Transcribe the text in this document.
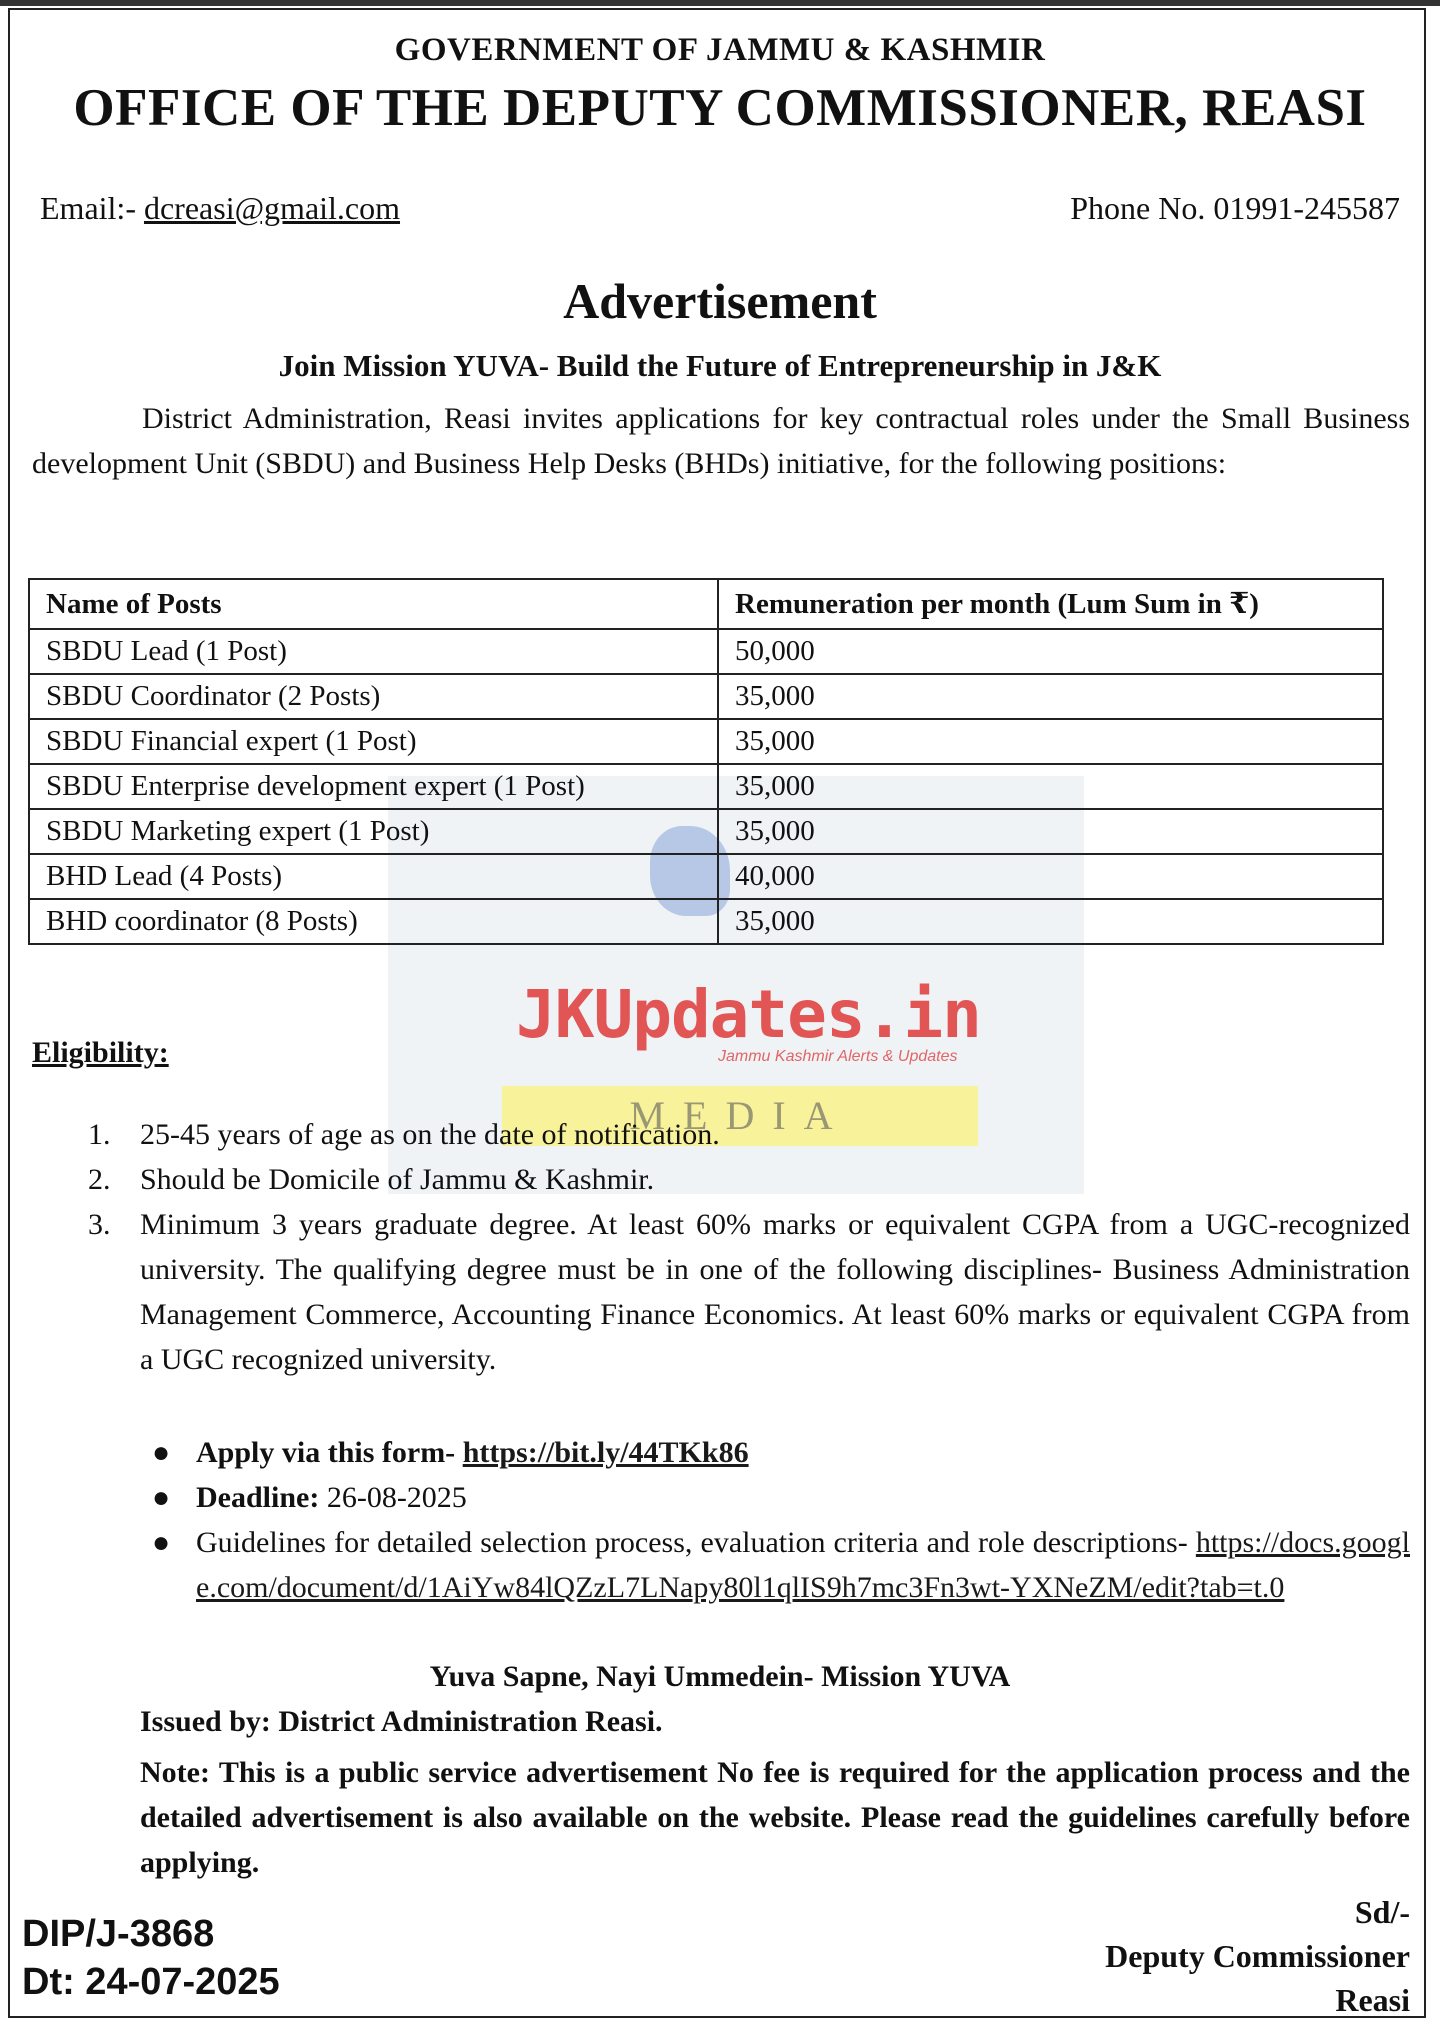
GOVERNMENT OF JAMMU & KASHMIR
OFFICE OF THE DEPUTY COMMISSIONER, REASI
Email:- dcreasi@gmail.com	Phone No. 01991-245587
Advertisement
Join Mission YUVA- Build the Future of Entrepreneurship in J&K
District Administration, Reasi invites applications for key contractual roles under the Small Business development Unit (SBDU) and Business Help Desks (BHDs) initiative, for the following positions:
JKUpdates.in
Jammu Kashmir Alerts & Updates
MEDIA
Name of Posts	Remuneration per month (Lum Sum in ₹)
SBDU Lead (1 Post)	50,000
SBDU Coordinator (2 Posts)	35,000
SBDU Financial expert (1 Post)	35,000
SBDU Enterprise development expert (1 Post)	35,000
SBDU Marketing expert (1 Post)	35,000
BHD Lead (4 Posts)	40,000
BHD coordinator (8 Posts)	35,000
Eligibility:
1. 25-45 years of age as on the date of notification.
2. Should be Domicile of Jammu & Kashmir.
3. Minimum 3 years graduate degree. At least 60% marks or equivalent CGPA from a UGC-recognized university. The qualifying degree must be in one of the following disciplines- Business Administration Management Commerce, Accounting Finance Economics. At least 60% marks or equivalent CGPA from a UGC recognized university.
● Apply via this form- https://bit.ly/44TKk86
● Deadline: 26-08-2025
● Guidelines for detailed selection process, evaluation criteria and role descriptions- https://docs.google.com/document/d/1AiYw84lQZzL7LNapy80l1qlIS9h7mc3Fn3wt-YXNeZM/edit?tab=t.0
Yuva Sapne, Nayi Ummedein- Mission YUVA
Issued by: District Administration Reasi.
Note: This is a public service advertisement No fee is required for the application process and the detailed advertisement is also available on the website. Please read the guidelines carefully before applying.
DIP/J-3868
Dt: 24-07-2025
Sd/-
Deputy Commissioner
Reasi
